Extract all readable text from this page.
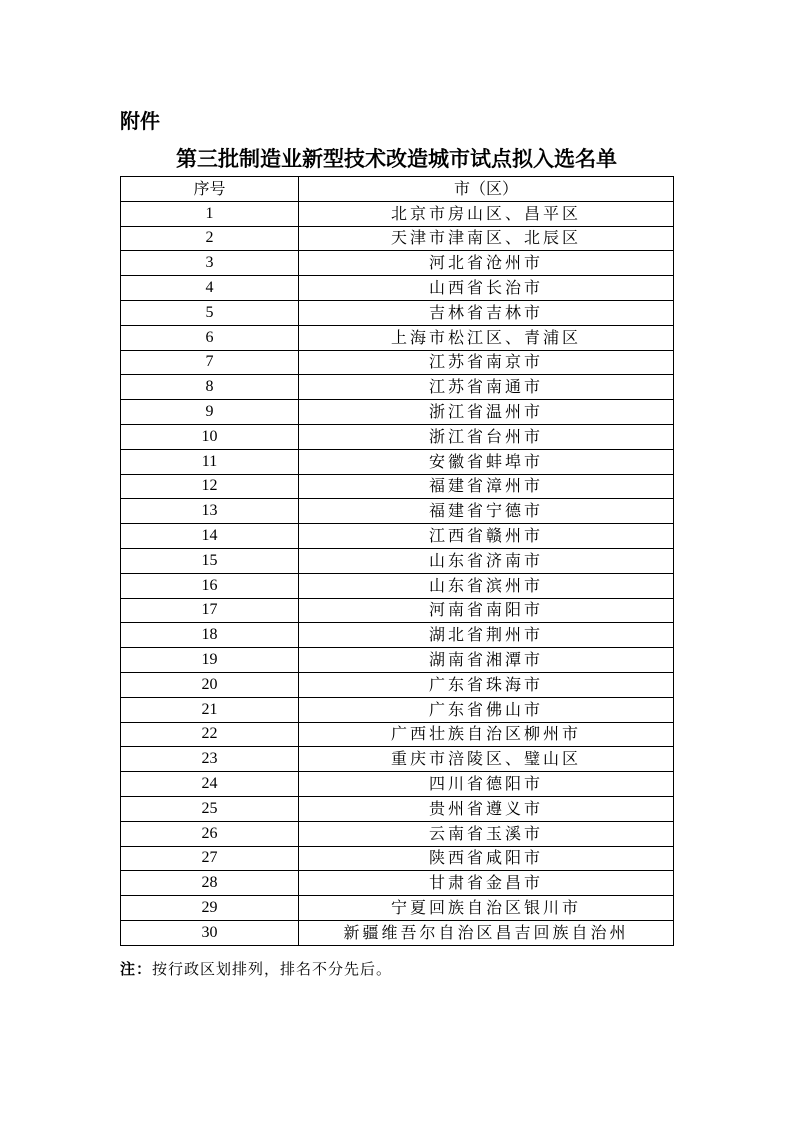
附件
第三批制造业新型技术改造城市试点拟入选名单
序号	市（区）
1	北京市房山区、昌平区
2	天津市津南区、北辰区
3	河北省沧州市
4	山西省长治市
5	吉林省吉林市
6	上海市松江区、青浦区
7	江苏省南京市
8	江苏省南通市
9	浙江省温州市
10	浙江省台州市
11	安徽省蚌埠市
12	福建省漳州市
13	福建省宁德市
14	江西省赣州市
15	山东省济南市
16	山东省滨州市
17	河南省南阳市
18	湖北省荆州市
19	湖南省湘潭市
20	广东省珠海市
21	广东省佛山市
22	广西壮族自治区柳州市
23	重庆市涪陵区、璧山区
24	四川省德阳市
25	贵州省遵义市
26	云南省玉溪市
27	陕西省咸阳市
28	甘肃省金昌市
29	宁夏回族自治区银川市
30	新疆维吾尔自治区昌吉回族自治州
注：按行政区划排列，排名不分先后。
